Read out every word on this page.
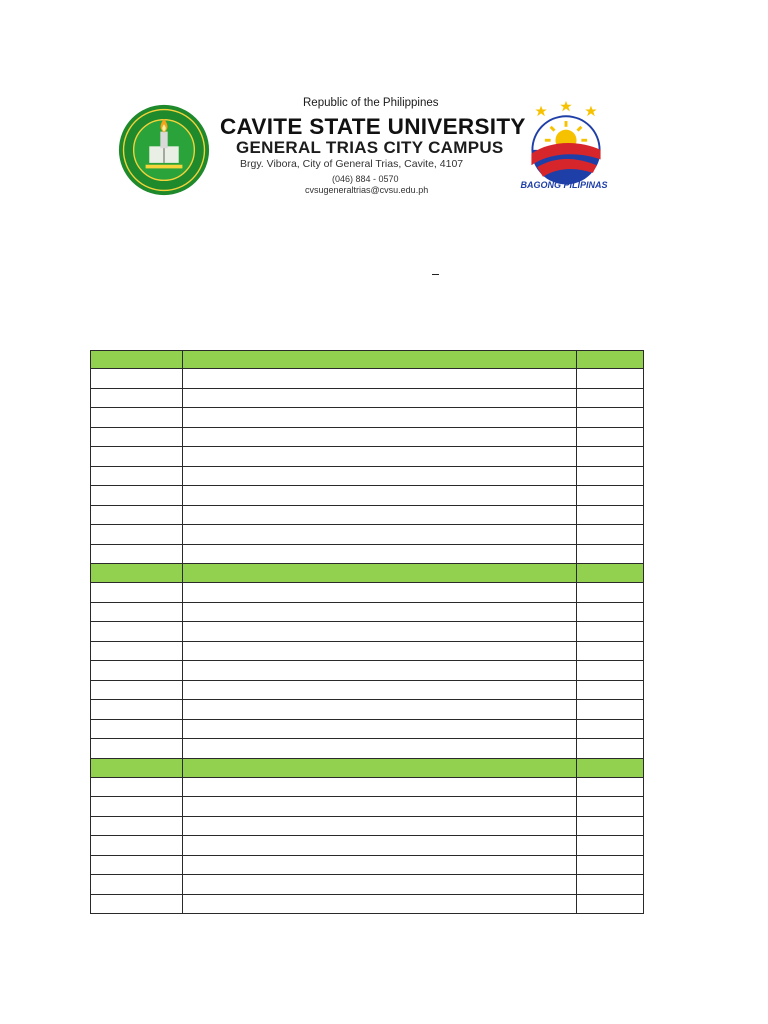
Republic of the Philippines
CAVITE STATE UNIVERSITY
GENERAL TRIAS CITY CAMPUS
Brgy. Vibora, City of General Trias, Cavite, 4107
(046) 884 - 0570
cvsugeneraltrias@cvsu.edu.ph	BAGONG PILIPINAS
